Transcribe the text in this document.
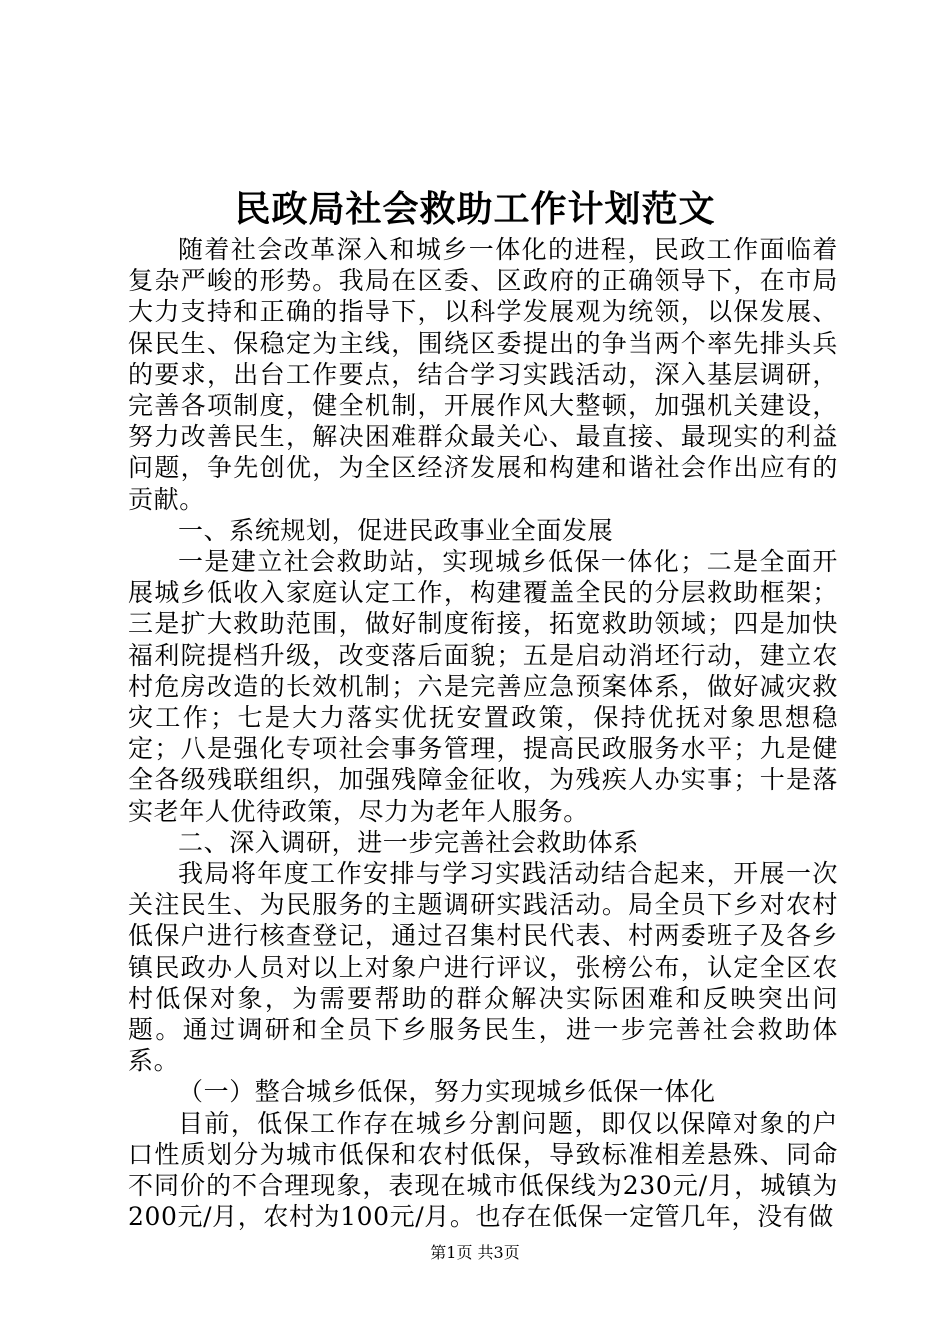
民政局社会救助工作计划范文

随着社会改革深入和城乡一体化的进程，民政工作面临着复杂严峻的形势。我局在区委、区政府的正确领导下，在市局大力支持和正确的指导下，以科学发展观为统领，以保发展、保民生、保稳定为主线，围绕区委提出的争当两个率先排头兵的要求，出台工作要点，结合学习实践活动，深入基层调研，完善各项制度，健全机制，开展作风大整顿，加强机关建设，努力改善民生，解决困难群众最关心、最直接、最现实的利益问题，争先创优，为全区经济发展和构建和谐社会作出应有的贡献。

一、系统规划，促进民政事业全面发展

一是建立社会救助站，实现城乡低保一体化；二是全面开展城乡低收入家庭认定工作，构建覆盖全民的分层救助框架；三是扩大救助范围，做好制度衔接，拓宽救助领域；四是加快福利院提档升级，改变落后面貌；五是启动消坯行动，建立农村危房改造的长效机制；六是完善应急预案体系，做好减灾救灾工作；七是大力落实优抚安置政策，保持优抚对象思想稳定；八是强化专项社会事务管理，提高民政服务水平；九是健全各级残联组织，加强残障金征收，为残疾人办实事；十是落实老年人优待政策，尽力为老年人服务。

二、深入调研，进一步完善社会救助体系

我局将年度工作安排与学习实践活动结合起来，开展一次关注民生、为民服务的主题调研实践活动。局全员下乡对农村低保户进行核查登记，通过召集村民代表、村两委班子及各乡镇民政办人员对以上对象户进行评议，张榜公布，认定全区农村低保对象，为需要帮助的群众解决实际困难和反映突出问题。通过调研和全员下乡服务民生，进一步完善社会救助体系。

（一）整合城乡低保，努力实现城乡低保一体化

目前，低保工作存在城乡分割问题，即仅以保障对象的户口性质划分为城市低保和农村低保，导致标准相差悬殊、同命不同价的不合理现象，表现在城市低保线为230元/月，城镇为200元/月，农村为100元/月。也存在低保一定管几年，没有做

第1页 共3页
